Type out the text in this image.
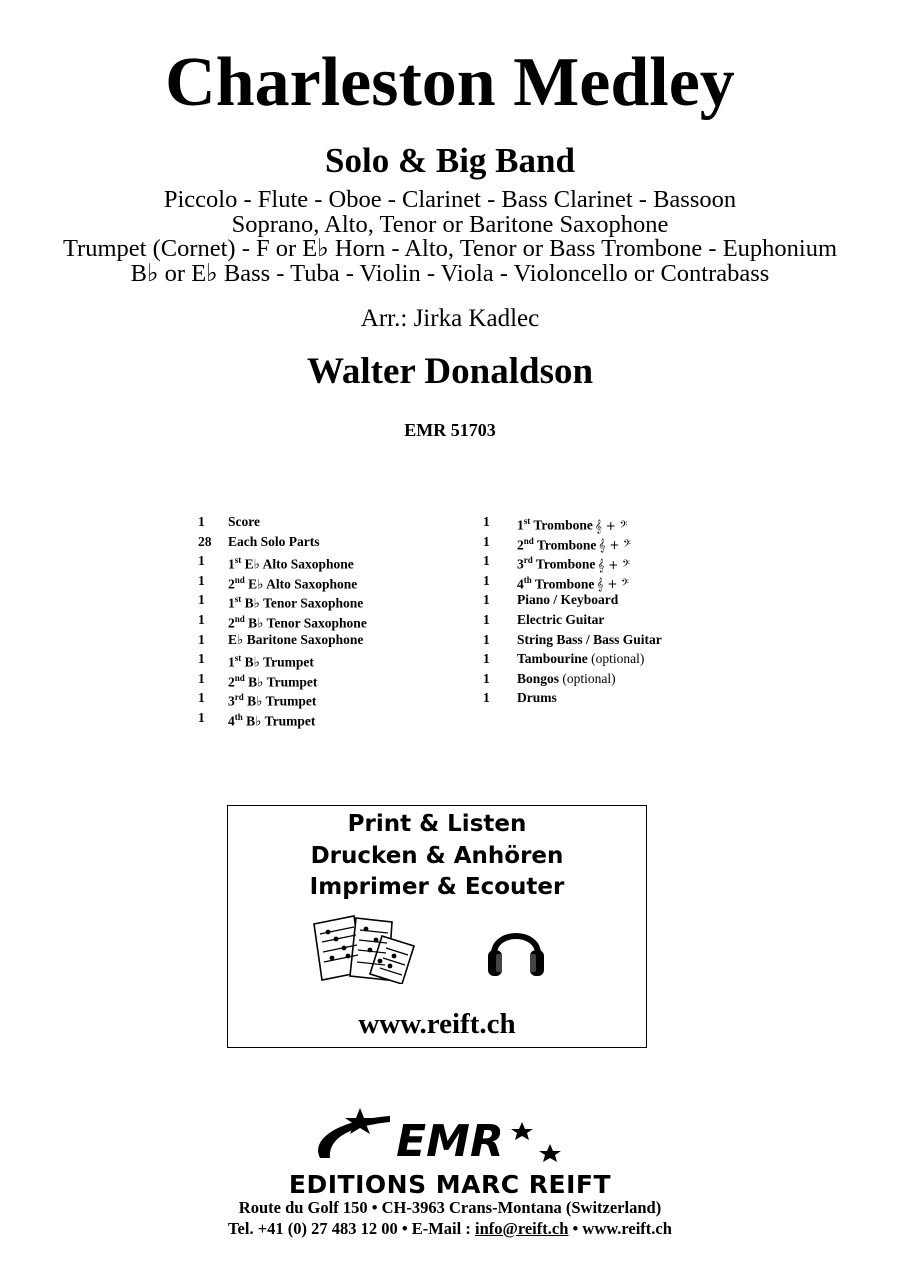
Charleston Medley
Solo & Big Band
Piccolo - Flute - Oboe - Clarinet - Bass Clarinet - Bassoon
Soprano, Alto, Tenor or Baritone Saxophone
Trumpet (Cornet) - F or E♭ Horn - Alto, Tenor or Bass Trombone - Euphonium
B♭ or E♭ Bass - Tuba - Violin - Viola - Violoncello or Contrabass
Arr.: Jirka Kadlec
Walter Donaldson
EMR 51703
1 Score
28 Each Solo Parts
1 1st E♭ Alto Saxophone
1 2nd E♭ Alto Saxophone
1 1st B♭ Tenor Saxophone
1 2nd B♭ Tenor Saxophone
1 E♭ Baritone Saxophone
1 1st B♭ Trumpet
1 2nd B♭ Trumpet
1 3rd B♭ Trumpet
1 4th B♭ Trumpet
1 1st Trombone 𝄞 + 𝄢
1 2nd Trombone 𝄞 + 𝄢
1 3rd Trombone 𝄞 + 𝄢
1 4th Trombone 𝄞 + 𝄢
1 Piano / Keyboard
1 Electric Guitar
1 String Bass / Bass Guitar
1 Tambourine (optional)
1 Bongos (optional)
1 Drums
Print & Listen
Drucken & Anhören
Imprimer & Ecouter
www.reift.ch
EMR
EDITIONS MARC REIFT
Route du Golf 150 • CH-3963 Crans-Montana (Switzerland)
Tel. +41 (0) 27 483 12 00 • E-Mail : info@reift.ch • www.reift.ch
